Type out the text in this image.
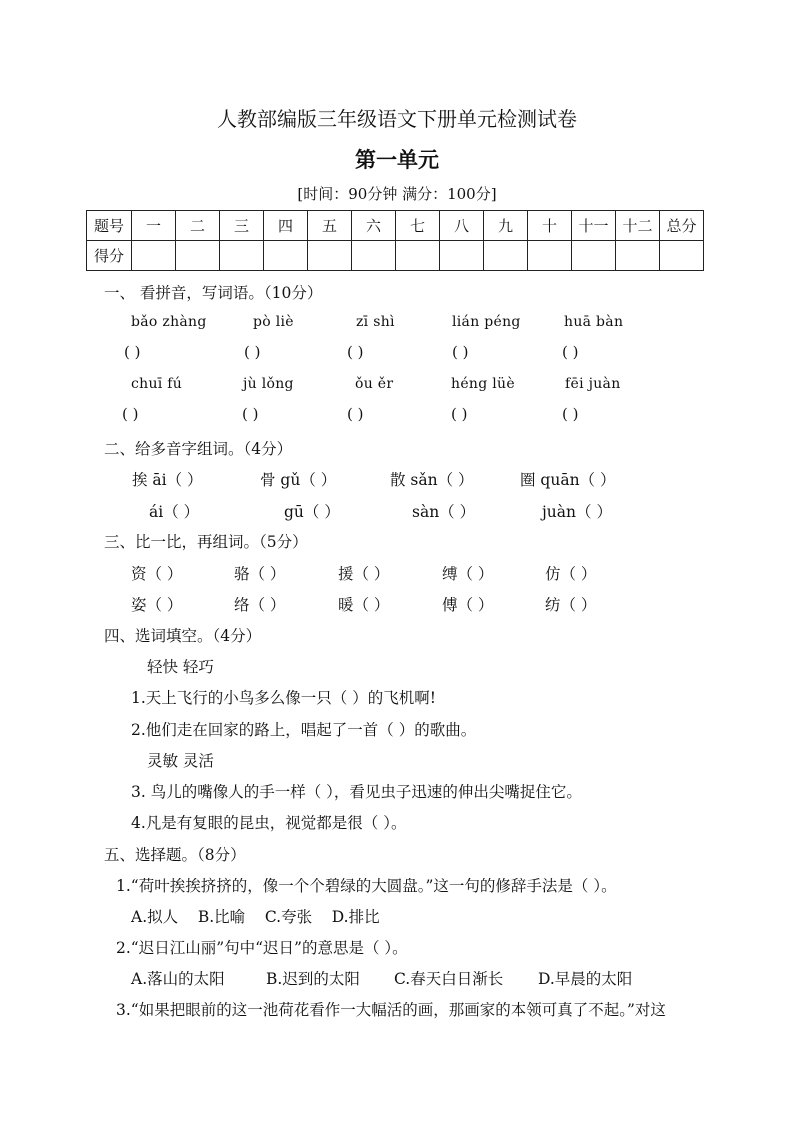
人教部编版三年级语文下册单元检测试卷
第一单元
[时间：90分钟 满分：100分]
题号	一	二	三	四	五	六	七	八	九	十	十一	十二	总分
得分													
一、 看拼音，写词语。（10分）
bǎo zhàng	pò liè	zī shì	lián péng	huā bàn
( )	( )	( )	( )	( )
chuī fú	jù lǒng	ǒu ěr	héng lüè	fēi juàn
( )	( )	( )	( )	( )
二、给多音字组词。（4分）
挨 āi（ ）	骨 gǔ（ ）	散 sǎn（ ）	圈 quān（ ）
ái（ ）	gū（ ）	sàn（ ）	juàn（ ）
三、比一比，再组词。（5分）
资（ ）	骆（ ）	援（ ）	缚（ ）	仿（ ）
姿（ ）	络（ ）	暖（ ）	傅（ ）	纺（ ）
四、选词填空。（4分）
轻快 轻巧
1.天上飞行的小鸟多么像一只（ ）的飞机啊!
2.他们走在回家的路上，唱起了一首（ ）的歌曲。
灵敏 灵活
3. 鸟儿的嘴像人的手一样（ ），看见虫子迅速的伸出尖嘴捉住它。
4.凡是有复眼的昆虫，视觉都是很（ ）。
五、选择题。（8分）
1.“荷叶挨挨挤挤的，像一个个碧绿的大圆盘。”这一句的修辞手法是（ ）。
A.拟人    B.比喻    C.夸张    D.排比
2.“迟日江山丽”句中“迟日”的意思是（ ）。
A.落山的太阳	B.迟到的太阳 C.春天白日渐长 D.早晨的太阳
3.“如果把眼前的这一池荷花看作一大幅活的画，那画家的本领可真了不起。”对这
